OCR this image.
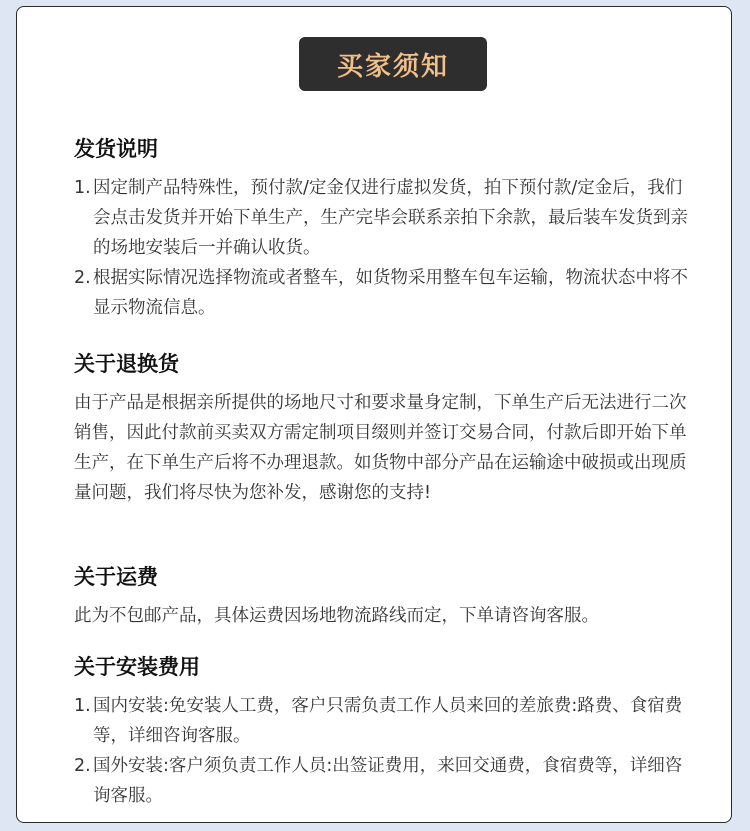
买家须知
发货说明
1. 因定制产品特殊性，预付款/定金仅进行虚拟发货，拍下预付款/定金后，我们会点击发货并开始下单生产，生产完毕会联系亲拍下余款，最后装车发货到亲的场地安装后一并确认收货。
2. 根据实际情况选择物流或者整车，如货物采用整车包车运输，物流状态中将不显示物流信息。
关于退换货

由于产品是根据亲所提供的场地尺寸和要求量身定制，下单生产后无法进行二次销售，因此付款前买卖双方需定制项目缀则并签订交易合同，付款后即开始下单生产，在下单生产后将不办理退款。如货物中部分产品在运输途中破损或出现质量问题，我们将尽快为您补发，感谢您的支持!

关于运费

此为不包邮产品，具体运费因场地物流路线而定，下单请咨询客服。

关于安装费用
1. 国内安装:免安装人工费，客户只需负责工作人员来回的差旅费:路费、食宿费等，详细咨询客服。
2. 国外安装:客户须负责工作人员:出签证费用，来回交通费，食宿费等，详细咨询客服。
